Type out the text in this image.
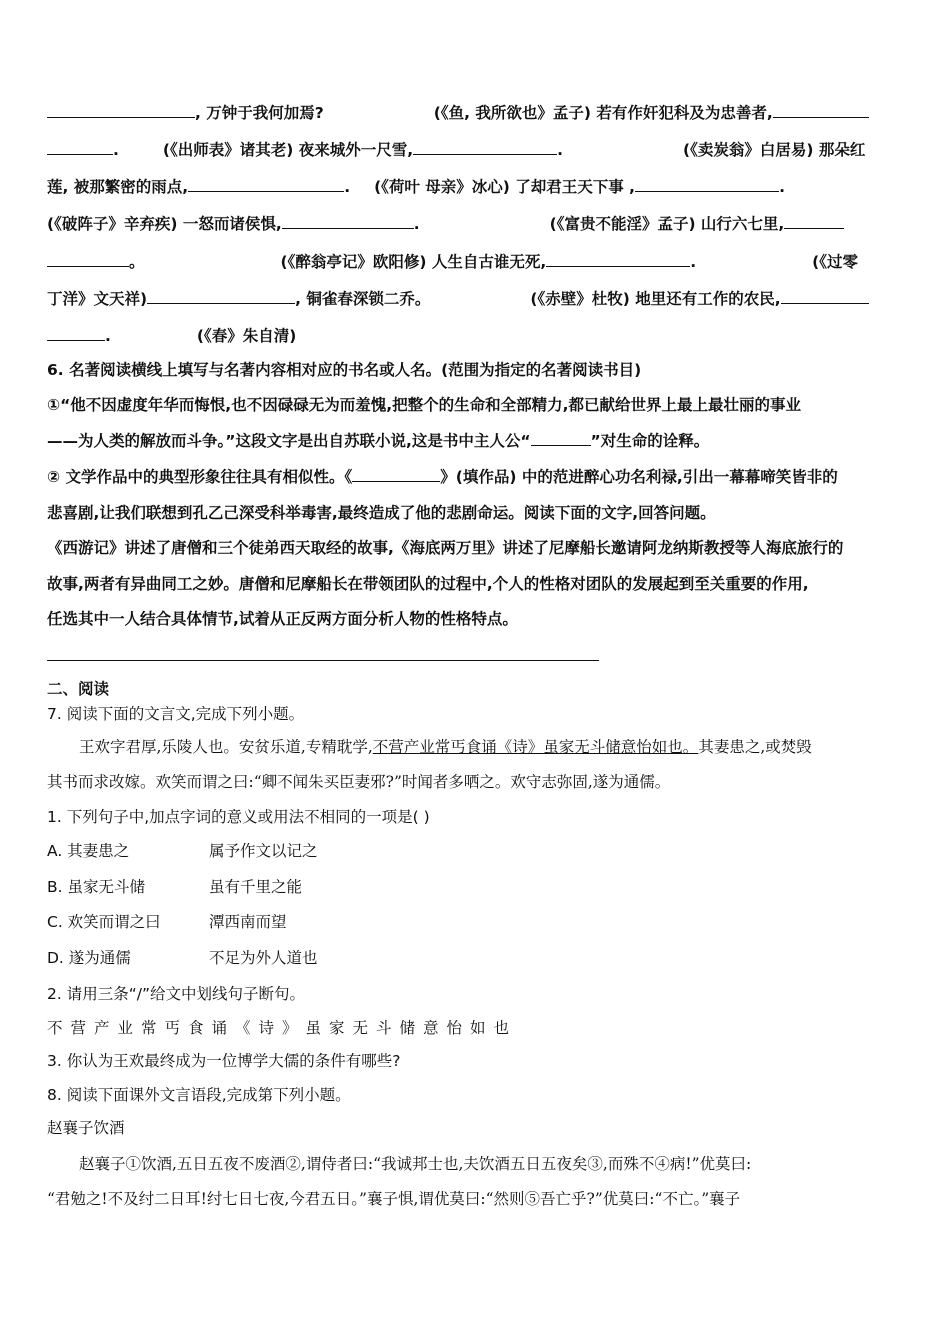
, 万钟于我何加焉?	(《鱼, 我所欲也》孟子) 若有作奸犯科及为忠善者,
.	(《出师表》诸其老) 夜来城外一尺雪,	.	(《卖炭翁》白居易) 那朵红
莲, 被那繁密的雨点,	. (《荷叶 母亲》冰心) 了却君王天下事 ,	.
(《破阵子》辛弃疾) 一怒而诸侯惧,	.	(《富贵不能淫》孟子) 山行六七里,
。	(《醉翁亭记》欧阳修) 人生自古谁无死,	.	(《过零
丁洋》文天祥)	, 铜雀春深锁二乔。	(《赤壁》杜牧) 地里还有工作的农民,
.	(《春》朱自清)
6. 名著阅读横线上填写与名著内容相对应的书名或人名。(范围为指定的名著阅读书目)
①“他不因虚度年华而悔恨,也不因碌碌无为而羞愧,把整个的生命和全部精力,都已献给世界上最上最壮丽的事业
——为人类的解放而斗争。”这段文字是出自苏联小说,这是书中主人公“	”对生命的诠释。
② 文学作品中的典型形象往往具有相似性。《	》(填作品) 中的范进醉心功名利禄,引出一幕幕啼笑皆非的
悲喜剧,让我们联想到孔乙己深受科举毒害,最终造成了他的悲剧命运。阅读下面的文字,回答问题。
《西游记》讲述了唐僧和三个徒弟西天取经的故事,《海底两万里》讲述了尼摩船长邀请阿龙纳斯教授等人海底旅行的
故事,两者有异曲同工之妙。唐僧和尼摩船长在带领团队的过程中,个人的性格对团队的发展起到至关重要的作用,
任选其中一人结合具体情节,试着从正反两方面分析人物的性格特点。
二、阅读
7. 阅读下面的文言文,完成下列小题。
王欢字君厚,乐陵人也。安贫乐道,专精耽学,不营产业常丐食诵《诗》虽家无斗储意怡如也。其妻患之,或焚毁
其书而求改嫁。欢笑而谓之曰:“卿不闻朱买臣妻邪?”时闻者多哂之。欢守志弥固,遂为通儒。
1. 下列句子中,加点字词的意义或用法不相同的一项是( )
A. 其妻患之	属予作文以记之
B. 虽家无斗储	虽有千里之能
C. 欢笑而谓之曰	潭西南而望
D. 遂为通儒	不足为外人道也
2. 请用三条“/”给文中划线句子断句。
不营产业常丐食诵《诗》虽家无斗储意怡如也
3. 你认为王欢最终成为一位博学大儒的条件有哪些?
8. 阅读下面课外文言语段,完成第下列小题。
赵襄子饮酒
赵襄子①饮酒,五日五夜不废酒②,谓侍者曰:“我诚邦士也,夫饮酒五日五夜矣③,而殊不④病!”优莫曰:
“君勉之!不及纣二日耳!纣七日七夜,今君五日。”襄子惧,谓优莫曰:“然则⑤吾亡乎?”优莫曰:“不亡。”襄子
